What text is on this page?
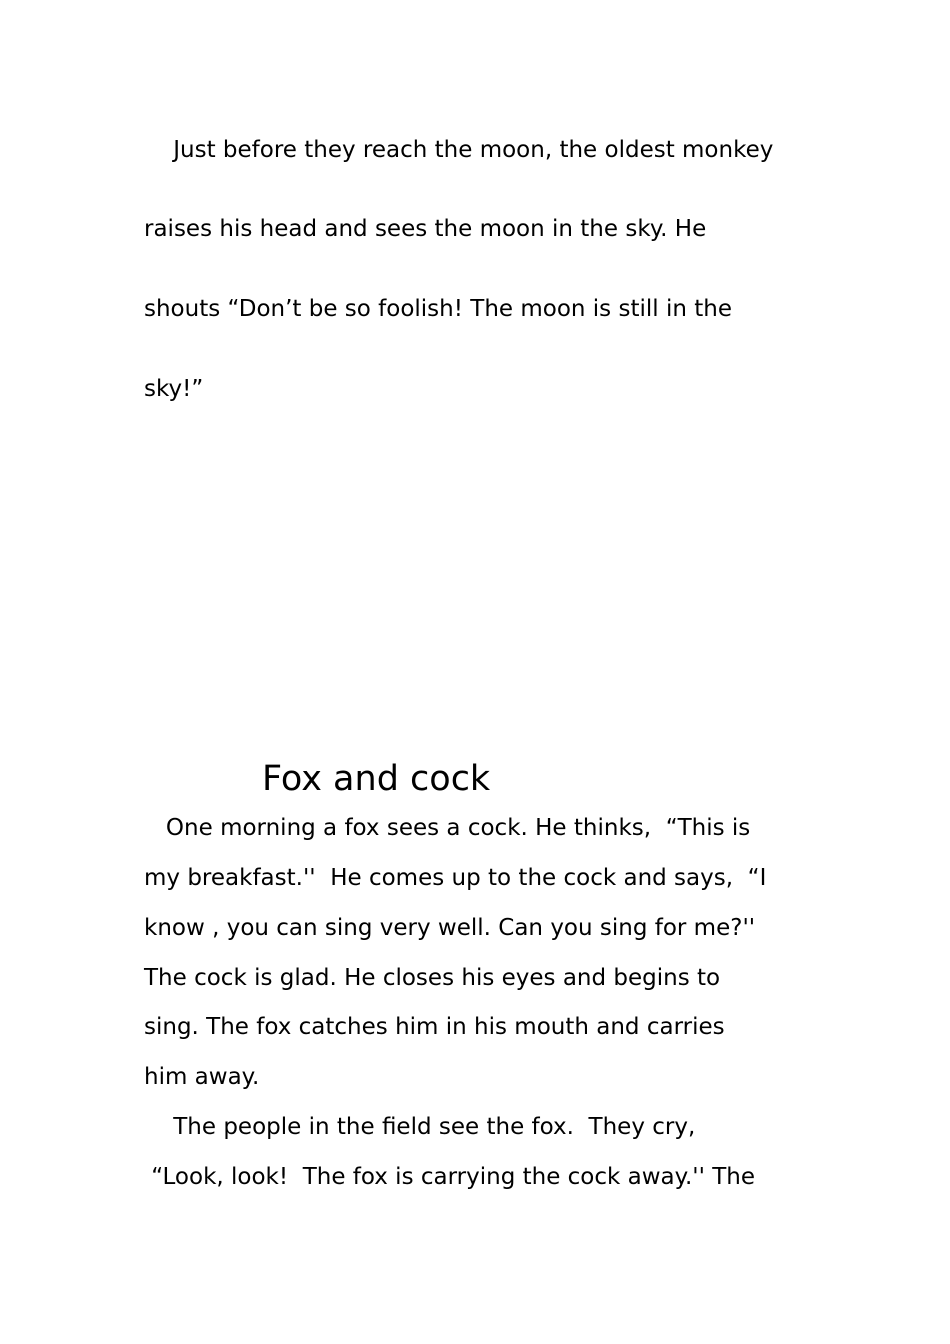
Just before they reach the moon, the oldest monkey

raises his head and sees the moon in the sky. He

shouts “Don’t be so foolish! The moon is still in the

sky!”

Fox and cock

One morning a fox sees a cock. He thinks,  “This is

my breakfast.''  He comes up to the cock and says,  “I

know , you can sing very well. Can you sing for me?''

The cock is glad. He closes his eyes and begins to

sing. The fox catches him in his mouth and carries

him away.

The people in the field see the fox.  They cry,

“Look, look!  The fox is carrying the cock away.'' The
